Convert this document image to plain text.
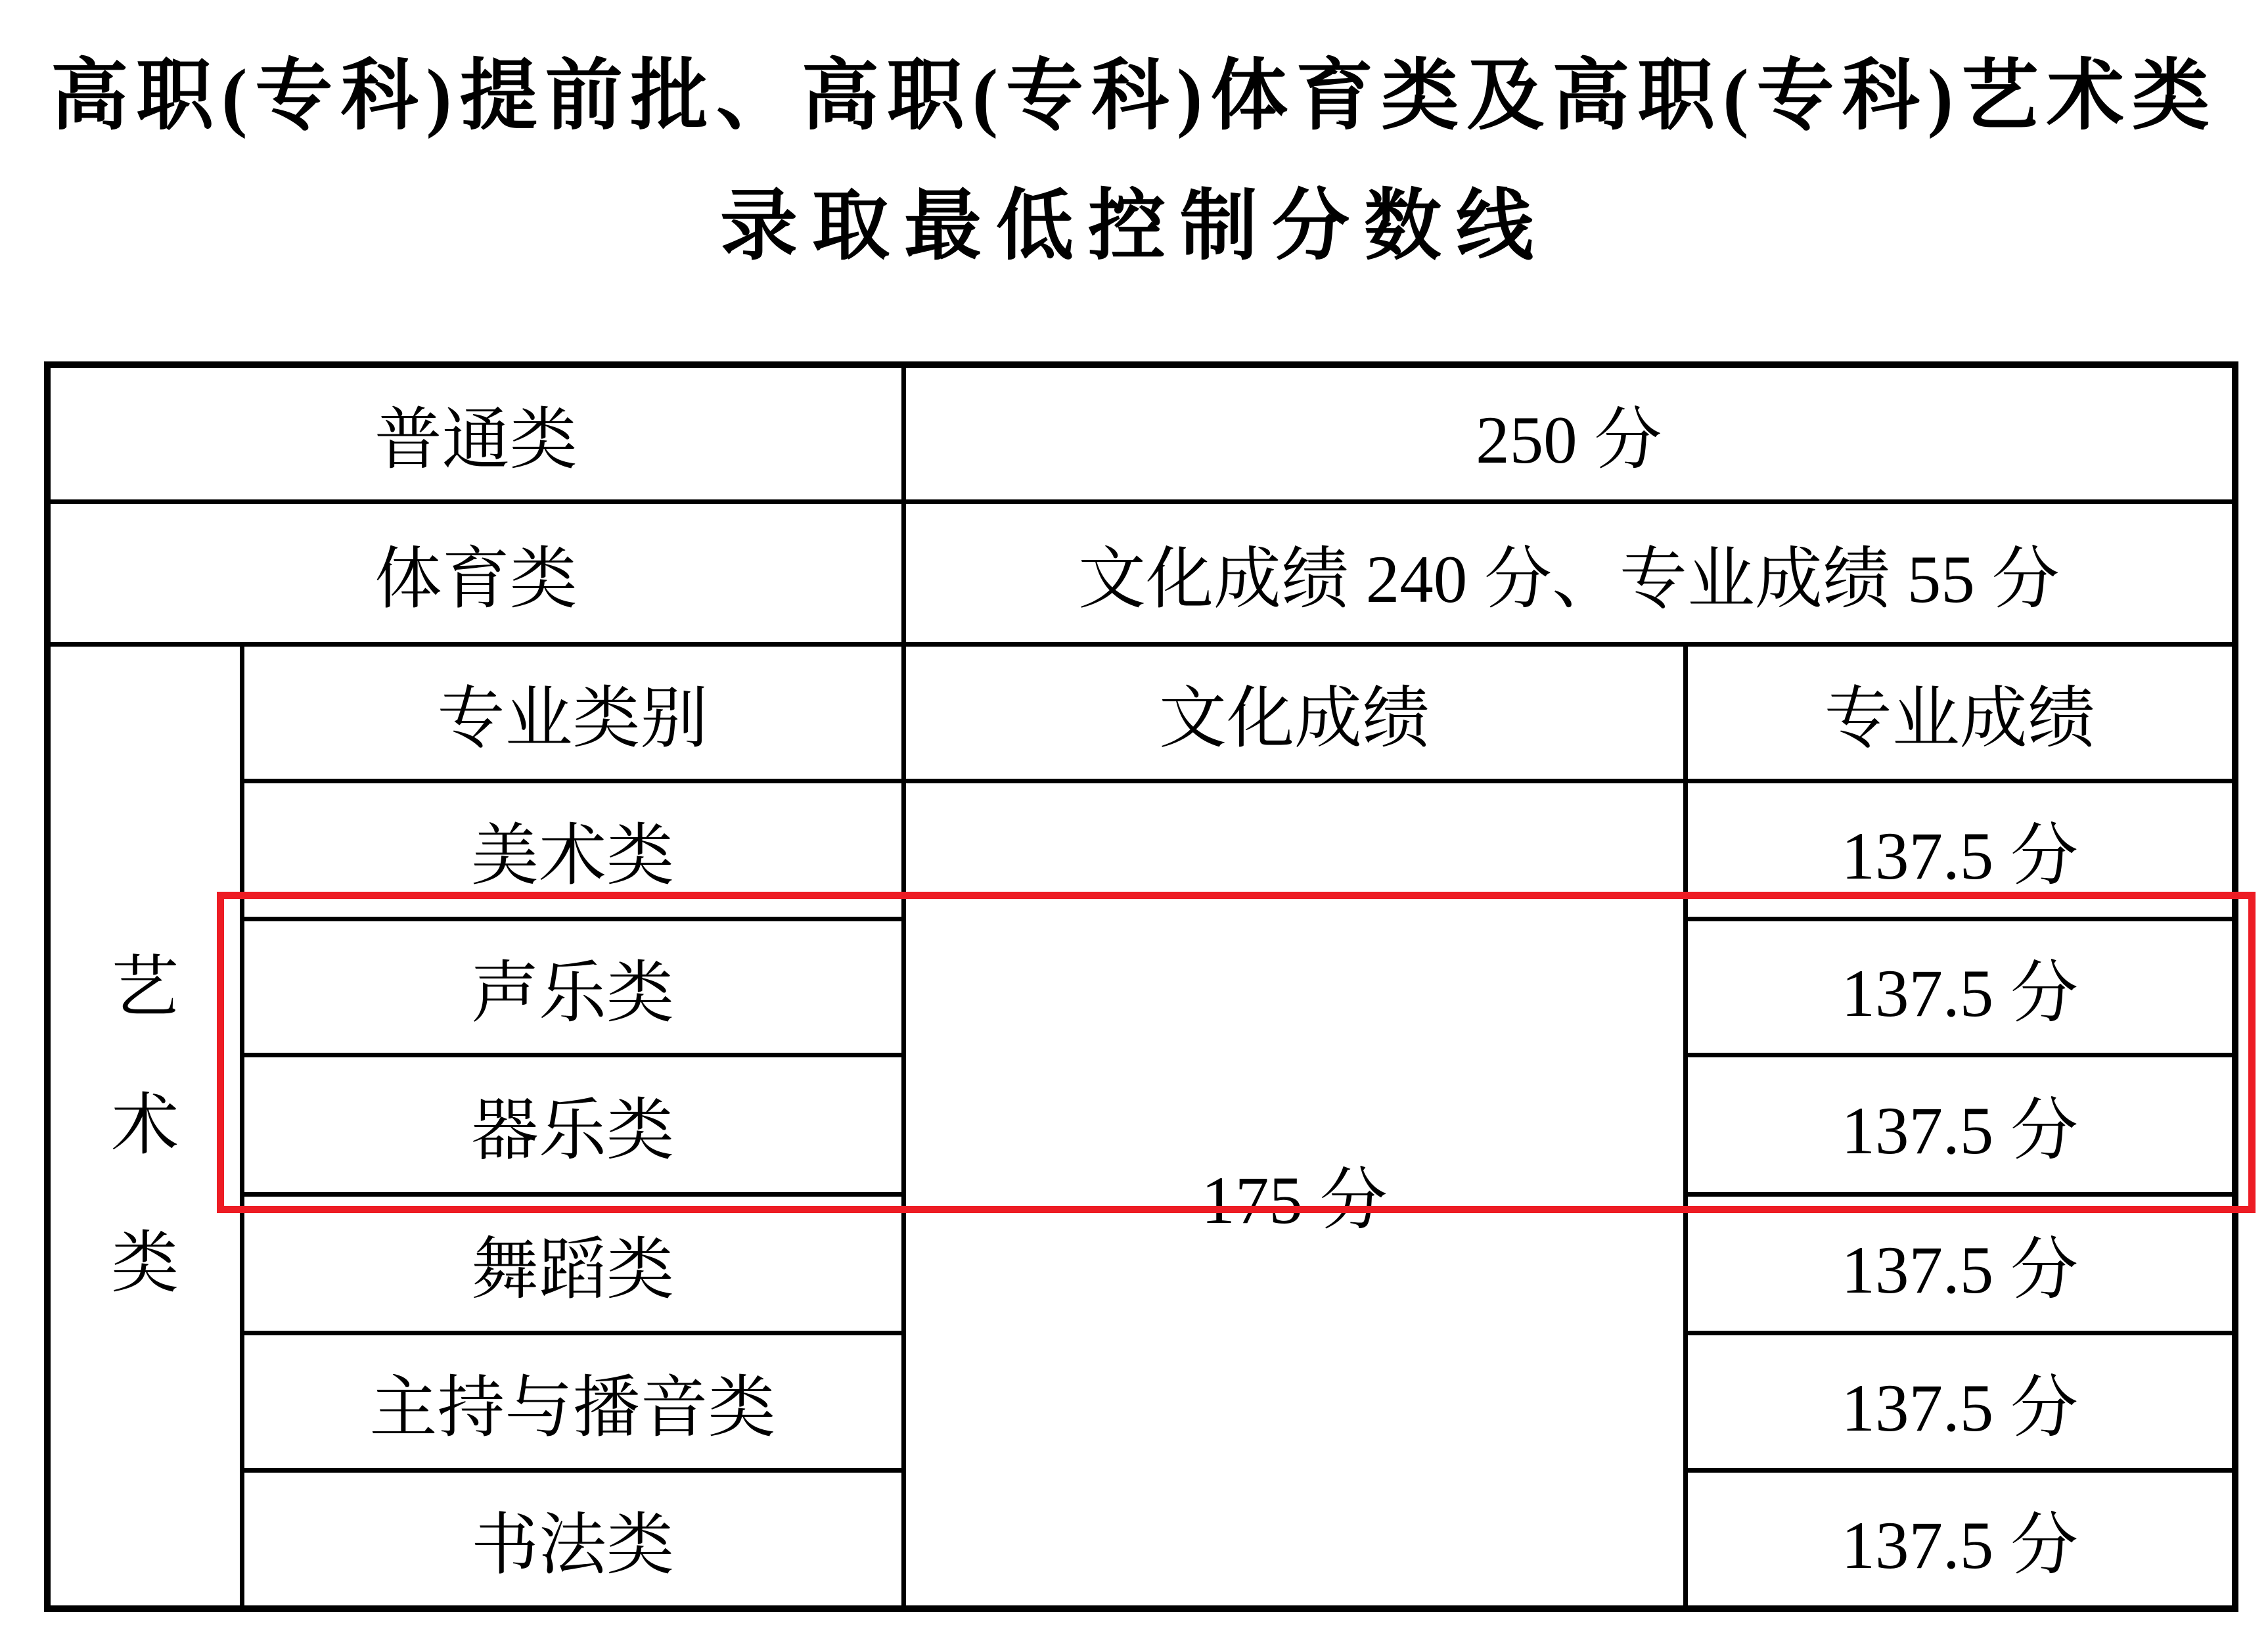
高职(专科)提前批、高职(专科)体育类及高职(专科)艺术类
录取最低控制分数线
普通类		250 分	
体育类		文化成绩 240 分、专业成绩 55 分	

艺
术
类	专业类别	文化成绩	专业成绩
	美术类	175 分	137.5 分
	声乐类		137.5 分
	器乐类		137.5 分
	舞蹈类		137.5 分
	主持与播音类		137.5 分
	书法类		137.5 分
